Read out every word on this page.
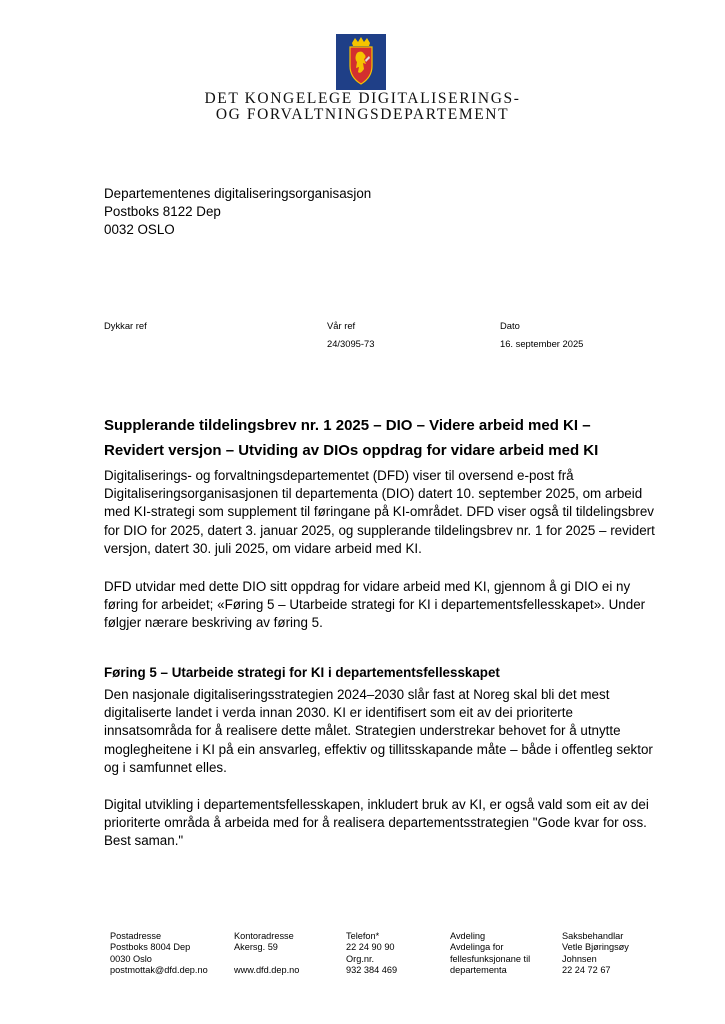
DET KONGELEGE DIGITALISERINGS-
OG FORVALTNINGSDEPARTEMENT
Departementenes digitaliseringsorganisasjon
Postboks 8122 Dep
0032 OSLO
Dykkar ref	Vår ref
24/3095-73
Dato
16. september 2025
Supplerande tildelingsbrev nr. 1 2025 – DIO – Videre arbeid med KI –
Revidert versjon – Utviding av DIOs oppdrag for vidare arbeid med KI
Digitaliserings- og forvaltningsdepartementet (DFD) viser til oversend e-post frå
Digitaliseringsorganisasjonen til departementa (DIO) datert 10. september 2025, om arbeid
med KI-strategi som supplement til føringane på KI-området. DFD viser også til tildelingsbrev
for DIO for 2025, datert 3. januar 2025, og supplerande tildelingsbrev nr. 1 for 2025 – revidert
versjon, datert 30. juli 2025, om vidare arbeid med KI.
DFD utvidar med dette DIO sitt oppdrag for vidare arbeid med KI, gjennom å gi DIO ei ny
føring for arbeidet; «Føring 5 – Utarbeide strategi for KI i departementsfellesskapet». Under
følgjer nærare beskriving av føring 5.
Føring 5 – Utarbeide strategi for KI i departementsfellesskapet
Den nasjonale digitaliseringsstrategien 2024–2030 slår fast at Noreg skal bli det mest
digitaliserte landet i verda innan 2030. KI er identifisert som eit av dei prioriterte
innsatsområda for å realisere dette målet. Strategien understrekar behovet for å utnytte
moglegheitene i KI på ein ansvarleg, effektiv og tillitsskapande måte – både i offentleg sektor
og i samfunnet elles.
Digital utvikling i departementsfellesskapen, inkludert bruk av KI, er også vald som eit av dei
prioriterte områda å arbeida med for å realisera departementsstrategien "Gode kvar for oss.
Best saman."
Postadresse
Postboks 8004 Dep
0030 Oslo
postmottak@dfd.dep.no
Kontoradresse
Akersg. 59

www.dfd.dep.no
Telefon*
22 24 90 90
Org.nr.
932 384 469
Avdeling
Avdelinga for
fellesfunksjonane til
departementa
Saksbehandlar
Vetle Bjøringsøy
Johnsen
22 24 72 67
